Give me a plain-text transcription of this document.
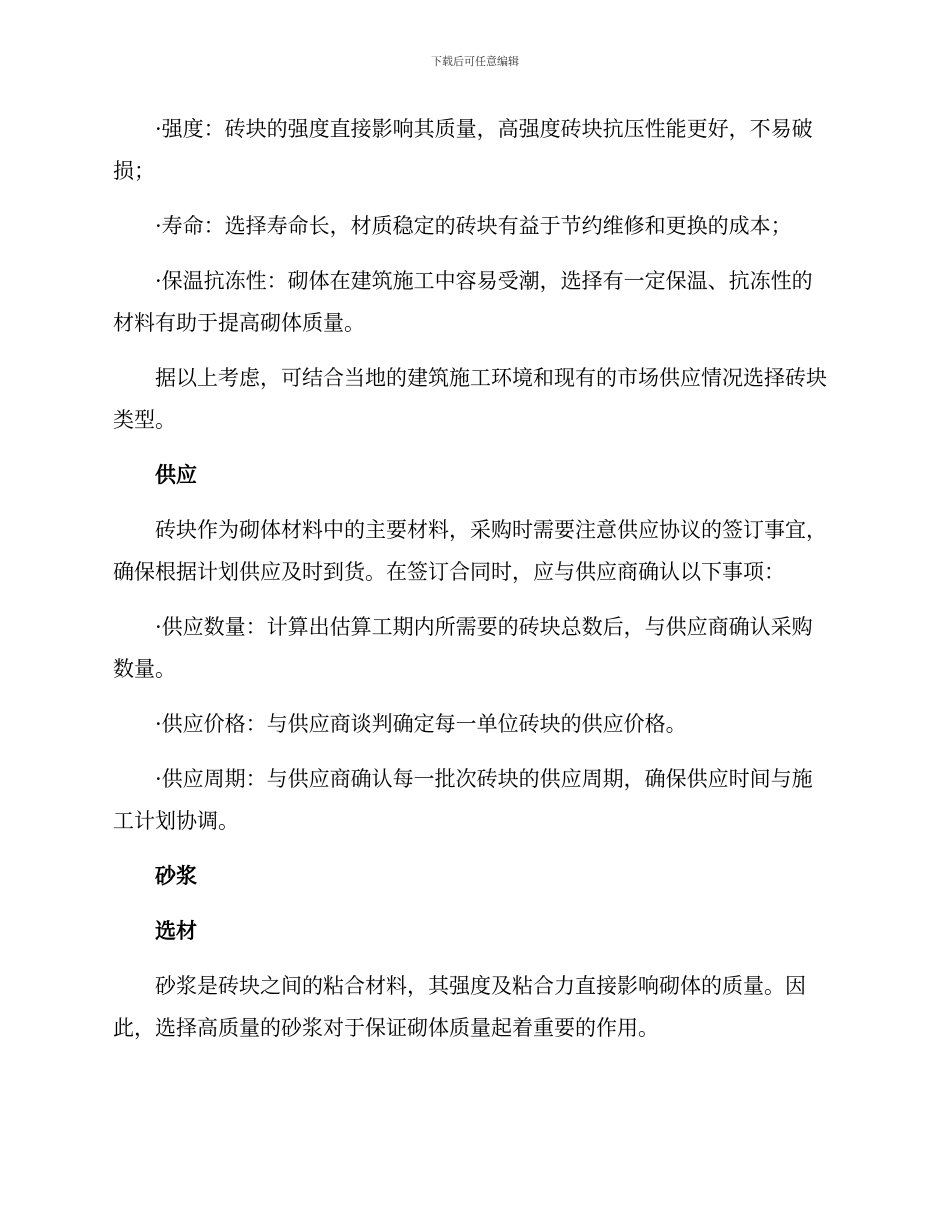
下载后可任意编辑

·强度：砖块的强度直接影响其质量，高强度砖块抗压性能更好，不易破损；

·寿命：选择寿命长，材质稳定的砖块有益于节约维修和更换的成本；

·保温抗冻性：砌体在建筑施工中容易受潮，选择有一定保温、抗冻性的材料有助于提高砌体质量。

据以上考虑，可结合当地的建筑施工环境和现有的市场供应情况选择砖块类型。

供应

砖块作为砌体材料中的主要材料，采购时需要注意供应协议的签订事宜，确保根据计划供应及时到货。在签订合同时，应与供应商确认以下事项：

·供应数量：计算出估算工期内所需要的砖块总数后，与供应商确认采购数量。

·供应价格：与供应商谈判确定每一单位砖块的供应价格。

·供应周期：与供应商确认每一批次砖块的供应周期，确保供应时间与施工计划协调。

砂浆
选材

砂浆是砖块之间的粘合材料，其强度及粘合力直接影响砌体的质量。因此，选择高质量的砂浆对于保证砌体质量起着重要的作用。
